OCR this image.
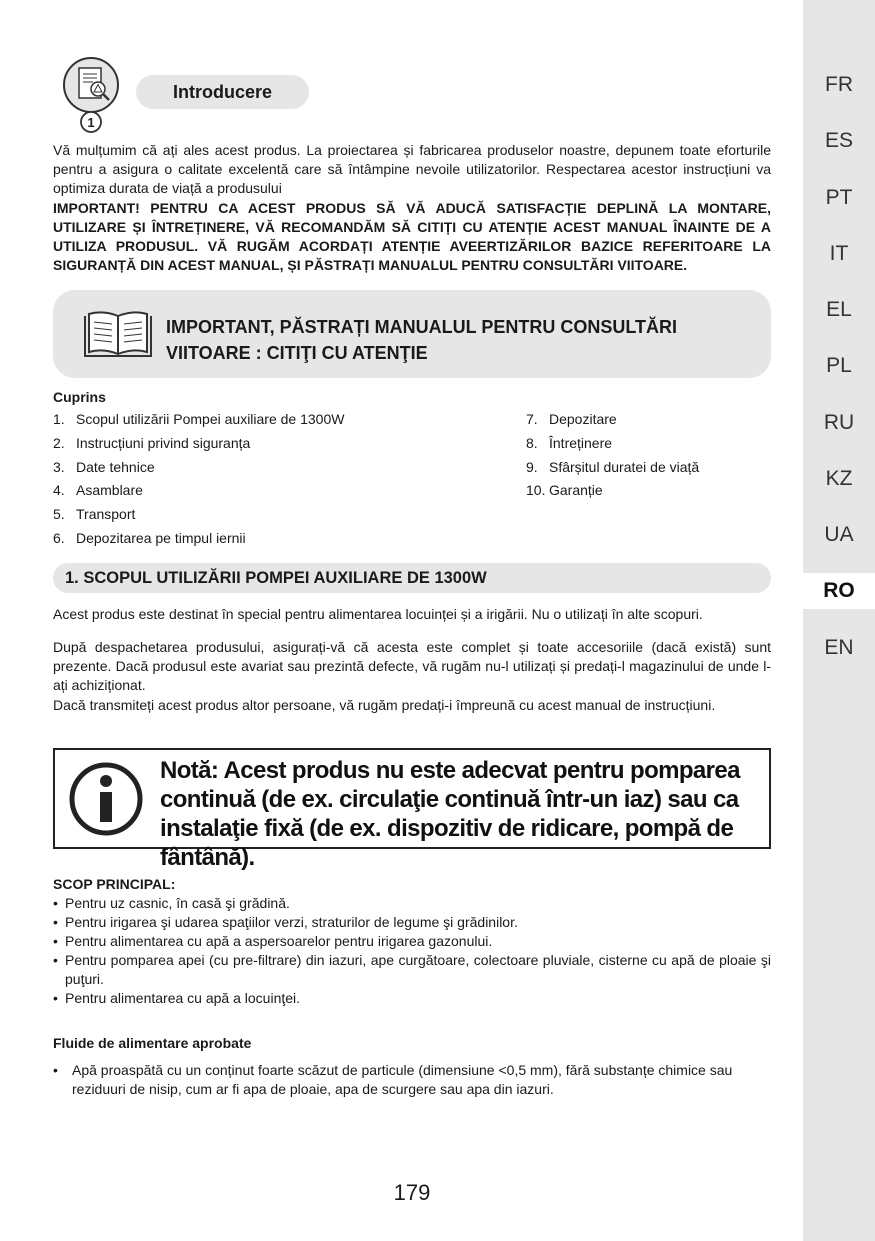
FR
ES
PT
IT
EL
PL
RU
KZ
UA
RO
EN
1
Introducere
Vă mulțumim că ați ales acest produs. La proiectarea și fabricarea produselor noastre, depunem toate eforturile pentru a asigura o calitate excelentă care să întâmpine nevoile utilizatorilor. Respectarea acestor instrucțiuni va optimiza durata de viață a produsului
IMPORTANT! PENTRU CA ACEST PRODUS SĂ VĂ ADUCĂ SATISFACȚIE DEPLINĂ LA MONTARE, UTILIZARE ȘI ÎNTREȚINERE, VĂ RECOMANDĂM SĂ CITIȚI CU ATENȚIE ACEST MANUAL ÎNAINTE DE A UTILIZA PRODUSUL. VĂ RUGĂM ACORDAȚI ATENȚIE AVEERTIZĂRILOR BAZICE REFERITOARE LA SIGURANȚĂ DIN ACEST MANUAL, ȘI PĂSTRAȚI MANUALUL PENTRU CONSULTĂRI VIITOARE.
IMPORTANT, PĂSTRAȚI MANUALUL PENTRU CONSULTĂRI
VIITOARE : CITIŢI CU ATENŢIE
Cuprins
1. Scopul utilizării Pompei auxiliare de 1300W
2. Instrucțiuni privind siguranța
3. Date tehnice
4. Asamblare
5. Transport
6. Depozitarea pe timpul iernii
7. Depozitare
8. Întreținere
9. Sfârșitul duratei de viață
10. Garanție
1. SCOPUL UTILIZĂRII POMPEI AUXILIARE DE 1300W
Acest produs este destinat în special pentru alimentarea locuinței și a irigării. Nu o utilizați în alte scopuri.
După despachetarea produsului, asigurați-vă că acesta este complet și toate accesoriile (dacă există) sunt prezente. Dacă produsul este avariat sau prezintă defecte, vă rugăm nu-l utilizați și predați-l magazinului de unde l-ați achiziționat.
Dacă transmiteți acest produs altor persoane, vă rugăm predați-i împreună cu acest manual de instrucțiuni.
Notă: Acest produs nu este adecvat pentru pomparea continuă (de ex. circulaţie continuă într-un iaz) sau ca instalaţie fixă (de ex. dispozitiv de ridicare, pompă de fântână).
SCOP PRINCIPAL:
• Pentru uz casnic, în casă şi grădină.
• Pentru irigarea şi udarea spaţiilor verzi, straturilor de legume şi grădinilor.
• Pentru alimentarea cu apă a aspersoarelor pentru irigarea gazonului.
• Pentru pomparea apei (cu pre-filtrare) din iazuri, ape curgătoare, colectoare pluviale, cisterne cu apă de ploaie şi puţuri.
• Pentru alimentarea cu apă a locuinţei.
Fluide de alimentare aprobate
• Apă proaspătă cu un conținut foarte scăzut de particule (dimensiune <0,5 mm), fără substanțe chimice sau reziduuri de nisip, cum ar fi apa de ploaie, apa de scurgere sau apa din iazuri.
179
